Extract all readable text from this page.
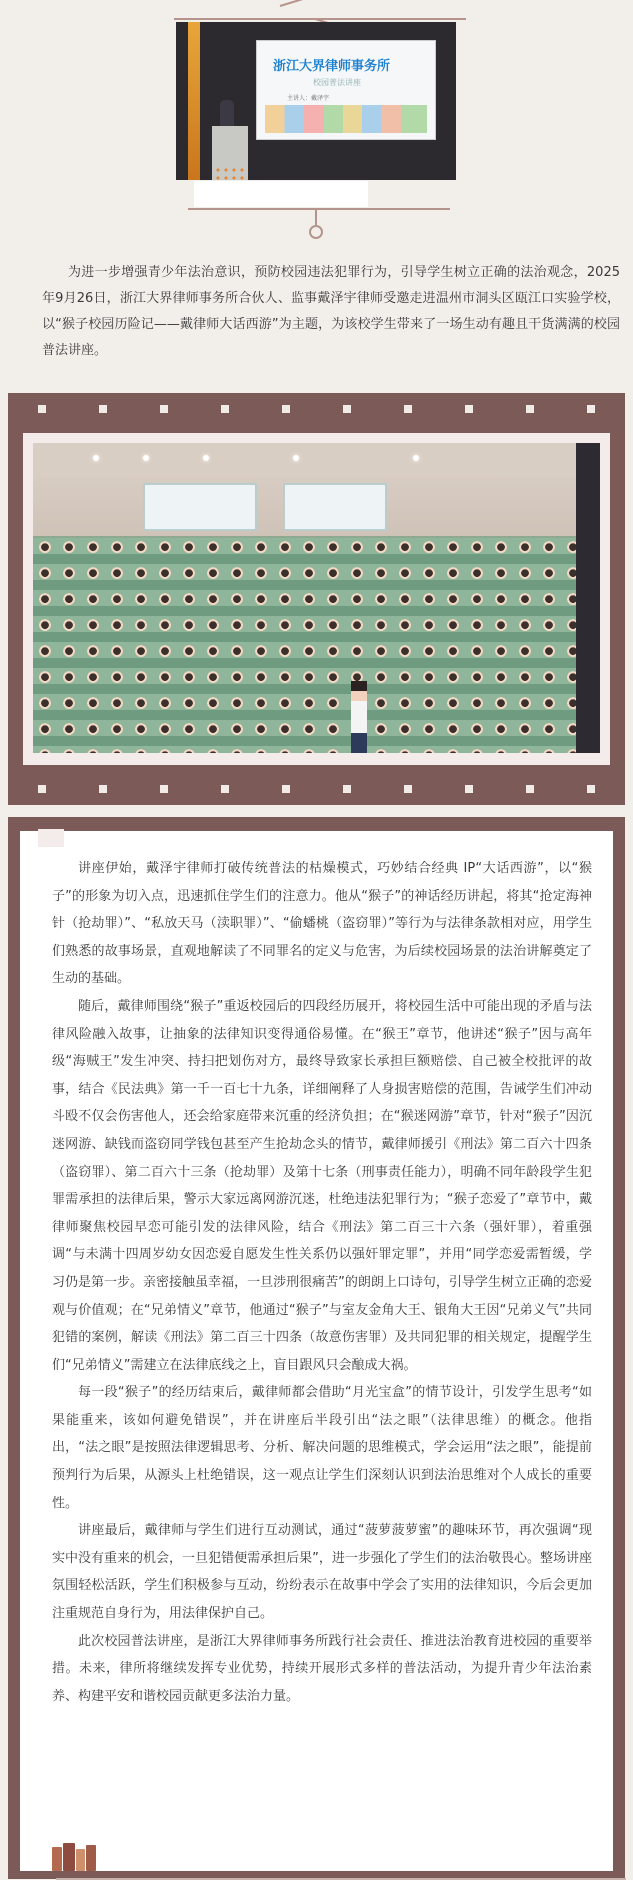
浙江大界律师事务所
校园普法讲座
主讲人：戴泽宇
为进一步增强青少年法治意识，预防校园违法犯罪行为，引导学生树立正确的法治观念，2025年9月26日，浙江大界律师事务所合伙人、监事戴泽宇律师受邀走进温州市洞头区瓯江口实验学校，以“猴子校园历险记——戴律师大话西游”为主题，为该校学生带来了一场生动有趣且干货满满的校园普法讲座。

讲座伊始，戴泽宇律师打破传统普法的枯燥模式，巧妙结合经典 IP“大话西游”，以“猴子”的形象为切入点，迅速抓住学生们的注意力。他从“猴子”的神话经历讲起，将其“抢定海神针（抢劫罪）”、“私放天马（渎职罪）”、“偷蟠桃（盗窃罪）”等行为与法律条款相对应，用学生们熟悉的故事场景，直观地解读了不同罪名的定义与危害，为后续校园场景的法治讲解奠定了生动的基础。

随后，戴律师围绕“猴子”重返校园后的四段经历展开，将校园生活中可能出现的矛盾与法律风险融入故事，让抽象的法律知识变得通俗易懂。在“猴王”章节，他讲述“猴子”因与高年级“海贼王”发生冲突、持扫把划伤对方，最终导致家长承担巨额赔偿、自己被全校批评的故事，结合《民法典》第一千一百七十九条，详细阐释了人身损害赔偿的范围，告诫学生们冲动斗殴不仅会伤害他人，还会给家庭带来沉重的经济负担；在“猴迷网游”章节，针对“猴子”因沉迷网游、缺钱而盗窃同学钱包甚至产生抢劫念头的情节，戴律师援引《刑法》第二百六十四条（盗窃罪）、第二百六十三条（抢劫罪）及第十七条（刑事责任能力），明确不同年龄段学生犯罪需承担的法律后果，警示大家远离网游沉迷，杜绝违法犯罪行为；“猴子恋爱了”章节中，戴律师聚焦校园早恋可能引发的法律风险，结合《刑法》第二百三十六条（强奸罪），着重强调“与未满十四周岁幼女因恋爱自愿发生性关系仍以强奸罪定罪”，并用“同学恋爱需暂缓，学习仍是第一步。亲密接触虽幸福，一旦涉刑很痛苦”的朗朗上口诗句，引导学生树立正确的恋爱观与价值观；在“兄弟情义”章节，他通过“猴子”与室友金角大王、银角大王因“兄弟义气”共同犯错的案例，解读《刑法》第二百三十四条（故意伤害罪）及共同犯罪的相关规定，提醒学生们“兄弟情义”需建立在法律底线之上，盲目跟风只会酿成大祸。

每一段“猴子”的经历结束后，戴律师都会借助“月光宝盒”的情节设计，引发学生思考“如果能重来，该如何避免错误”，并在讲座后半段引出“法之眼”（法律思维）的概念。他指出，“法之眼”是按照法律逻辑思考、分析、解决问题的思维模式，学会运用“法之眼”，能提前预判行为后果，从源头上杜绝错误，这一观点让学生们深刻认识到法治思维对个人成长的重要性。

讲座最后，戴律师与学生们进行互动测试，通过“菠萝菠萝蜜”的趣味环节，再次强调“现实中没有重来的机会，一旦犯错便需承担后果”，进一步强化了学生们的法治敬畏心。整场讲座氛围轻松活跃，学生们积极参与互动，纷纷表示在故事中学会了实用的法律知识，今后会更加注重规范自身行为，用法律保护自己。

此次校园普法讲座，是浙江大界律师事务所践行社会责任、推进法治教育进校园的重要举措。未来，律所将继续发挥专业优势，持续开展形式多样的普法活动，为提升青少年法治素养、构建平安和谐校园贡献更多法治力量。
